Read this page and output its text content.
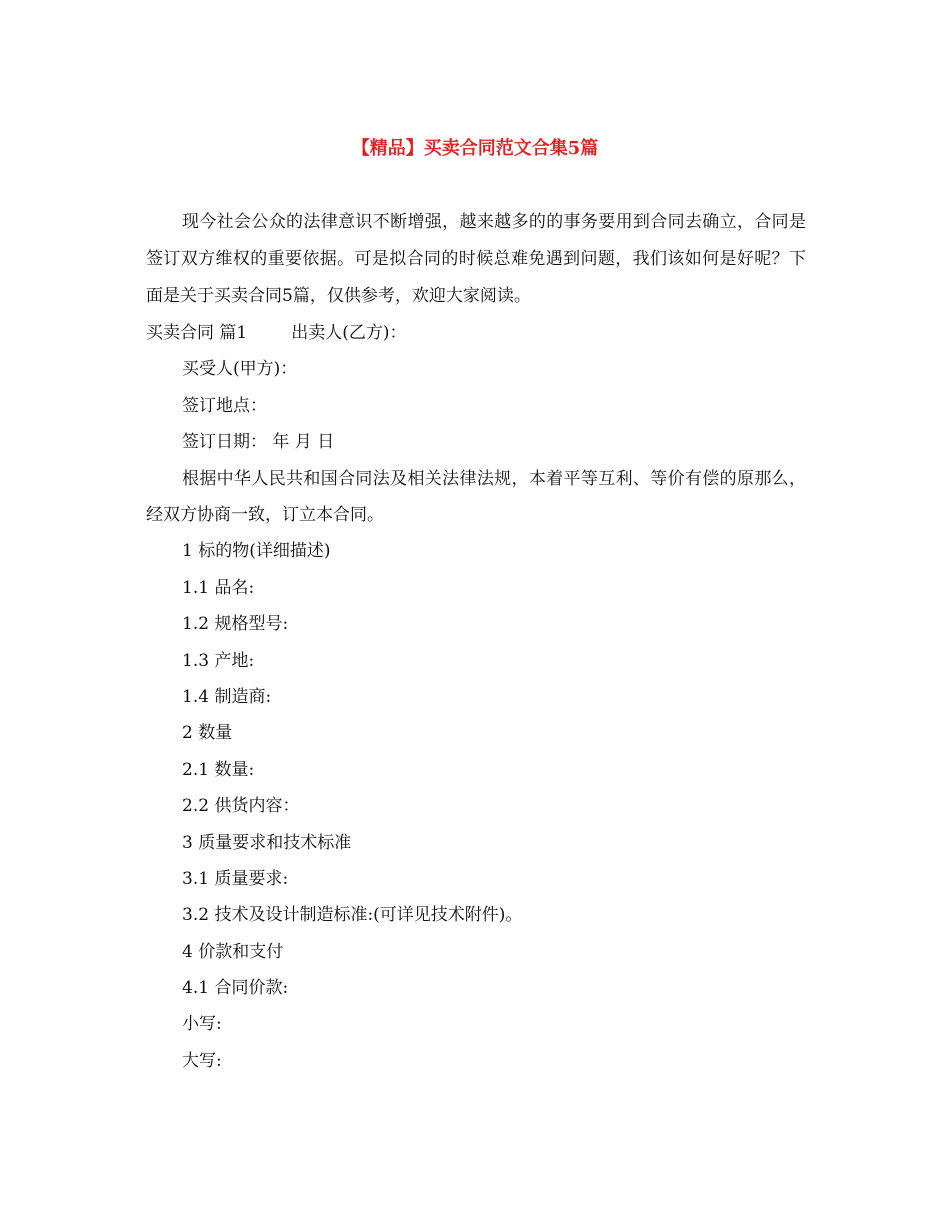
【精品】买卖合同范文合集5篇

现今社会公众的法律意识不断增强，越来越多的的事务要用到合同去确立，合同是签订双方维权的重要依据。可是拟合同的时候总难免遇到问题，我们该如何是好呢？下面是关于买卖合同5篇，仅供参考，欢迎大家阅读。

买卖合同 篇1	出卖人(乙方)：

买受人(甲方)：

签订地点：

签订日期： 年 月 日

根据中华人民共和国合同法及相关法律法规，本着平等互利、等价有偿的原那么，经双方协商一致，订立本合同。

1 标的物(详细描述)

1.1 品名:

1.2 规格型号:

1.3 产地:

1.4 制造商:

2 数量

2.1 数量:

2.2 供货内容：

3 质量要求和技术标准

3.1 质量要求:

3.2 技术及设计制造标准:(可详见技术附件)。

4 价款和支付

4.1 合同价款:

小写:

大写:
